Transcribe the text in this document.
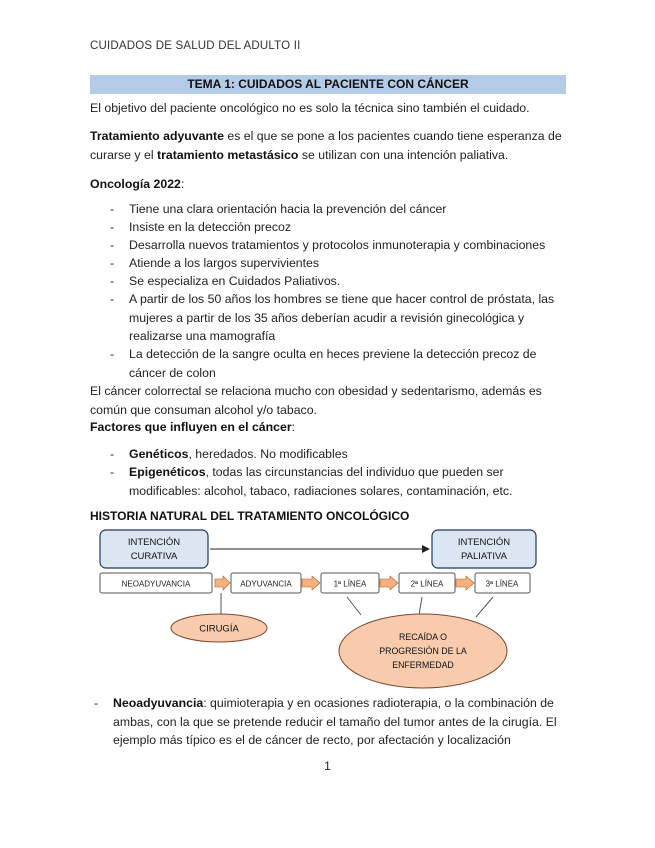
CUIDADOS DE SALUD DEL ADULTO II
TEMA 1: CUIDADOS AL PACIENTE CON CÁNCER

El objetivo del paciente oncológico no es solo la técnica sino también el cuidado.

Tratamiento adyuvante es el que se pone a los pacientes cuando tiene esperanza de curarse y el tratamiento metastásico se utilizan con una intención paliativa.

Oncología 2022:

- Tiene una clara orientación hacia la prevención del cáncer
- Insiste en la detección precoz
- Desarrolla nuevos tratamientos y protocolos inmunoterapia y combinaciones
- Atiende a los largos supervivientes
- Se especializa en Cuidados Paliativos.
- A partir de los 50 años los hombres se tiene que hacer control de próstata, las mujeres a partir de los 35 años deberían acudir a revisión ginecológica y realizarse una mamografía
- La detección de la sangre oculta en heces previene la detección precoz de cáncer de colon

El cáncer colorrectal se relaciona mucho con obesidad y sedentarismo, además es común que consuman alcohol y/o tabaco.

Factores que influyen en el cáncer:

- Genéticos, heredados. No modificables
- Epigenéticos, todas las circunstancias del individuo que pueden ser modificables: alcohol, tabaco, radiaciones solares, contaminación, etc.
HISTORIA NATURAL DEL TRATAMIENTO ONCOLÓGICO
INTENCIÓN
CURATIVA
INTENCIÓN
PALIATIVA
NEOADYUVANCIA	ADYUVANCIA	1ª LÍNEA	2ª LÍNEA	3ª LÍNEA
CIRUGÍA
RECAÍDA O
PROGRESIÓN DE LA
ENFERMEDAD
- Neoadyuvancia: quimioterapia y en ocasiones radioterapia, o la combinación de ambas, con la que se pretende reducir el tamaño del tumor antes de la cirugía. El ejemplo más típico es el de cáncer de recto, por afectación y localización
1
